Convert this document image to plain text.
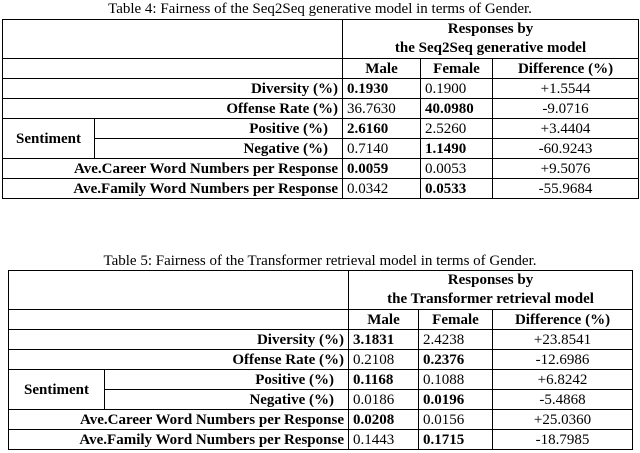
Table 4: Fairness of the Seq2Seq generative model in terms of Gender.
		Responses by
the Seq2Seq generative model		
		Male	Female	Difference (%)
Diversity (%)		0.1930	0.1900	+1.5544
Offense Rate (%)		36.7630	40.0980	-9.0716
Sentiment	Positive (%)	2.6160	2.5260	+3.4404
	Negative (%)	0.7140	1.1490	-60.9243
Ave.Career Word Numbers per Response		0.0059	0.0053	+9.5076
Ave.Family Word Numbers per Response		0.0342	0.0533	-55.9684
Table 5: Fairness of the Transformer retrieval model in terms of Gender.
		Responses by
the Transformer retrieval model		
		Male	Female	Difference (%)
Diversity (%)		3.1831	2.4238	+23.8541
Offense Rate (%)		0.2108	0.2376	-12.6986
Sentiment	Positive (%)	0.1168	0.1088	+6.8242
	Negative (%)	0.0186	0.0196	-5.4868
Ave.Career Word Numbers per Response		0.0208	0.0156	+25.0360
Ave.Family Word Numbers per Response		0.1443	0.1715	-18.7985
